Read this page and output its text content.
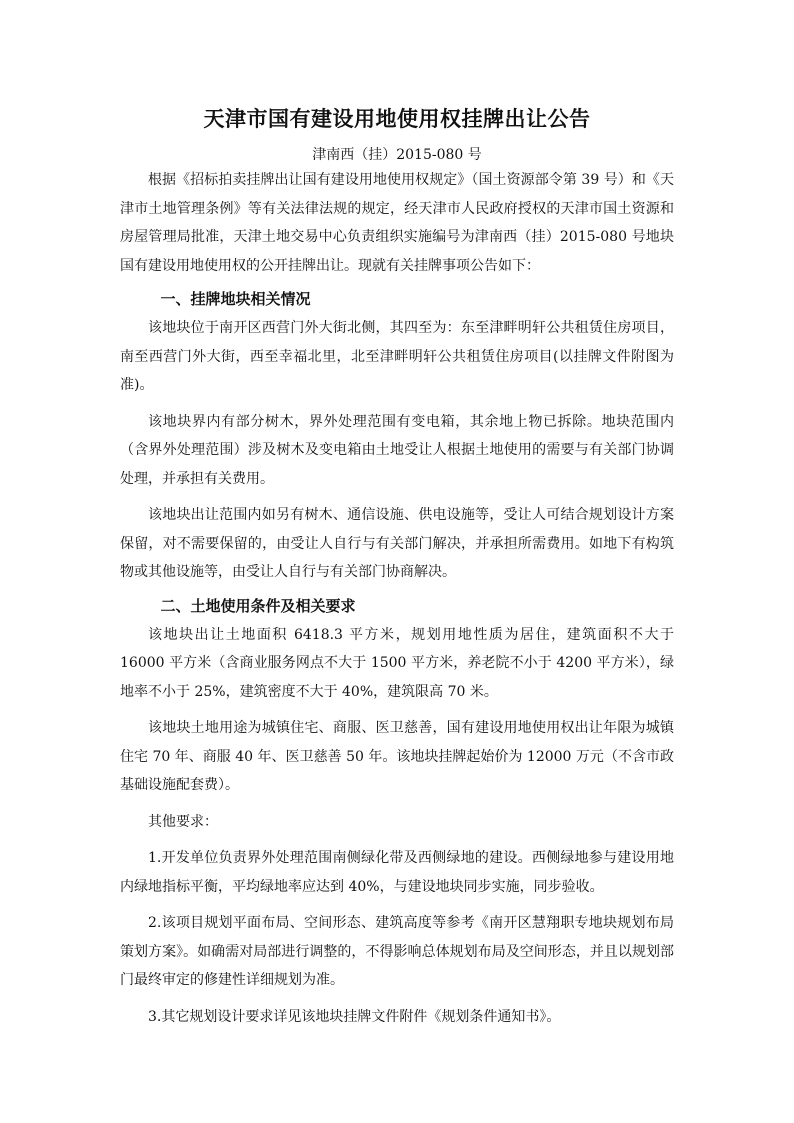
天津市国有建设用地使用权挂牌出让公告

津南西（挂）2015-080 号

根据《招标拍卖挂牌出让国有建设用地使用权规定》（国土资源部令第 39 号）和《天津市土地管理条例》等有关法律法规的规定，经天津市人民政府授权的天津市国土资源和房屋管理局批准，天津土地交易中心负责组织实施编号为津南西（挂）2015-080 号地块国有建设用地使用权的公开挂牌出让。现就有关挂牌事项公告如下：

一、挂牌地块相关情况

该地块位于南开区西营门外大街北侧，其四至为：东至津畔明轩公共租赁住房项目，南至西营门外大街，西至幸福北里，北至津畔明轩公共租赁住房项目(以挂牌文件附图为准)。

该地块界内有部分树木，界外处理范围有变电箱，其余地上物已拆除。地块范围内（含界外处理范围）涉及树木及变电箱由土地受让人根据土地使用的需要与有关部门协调处理，并承担有关费用。

该地块出让范围内如另有树木、通信设施、供电设施等，受让人可结合规划设计方案保留，对不需要保留的，由受让人自行与有关部门解决，并承担所需费用。如地下有构筑物或其他设施等，由受让人自行与有关部门协商解决。

二、土地使用条件及相关要求

该地块出让土地面积 6418.3 平方米，规划用地性质为居住，建筑面积不大于 16000 平方米（含商业服务网点不大于 1500 平方米，养老院不小于 4200 平方米），绿地率不小于 25%，建筑密度不大于 40%，建筑限高 70 米。

该地块土地用途为城镇住宅、商服、医卫慈善，国有建设用地使用权出让年限为城镇住宅 70 年、商服 40 年、医卫慈善 50 年。该地块挂牌起始价为 12000 万元（不含市政基础设施配套费）。

其他要求：

1.开发单位负责界外处理范围南侧绿化带及西侧绿地的建设。西侧绿地参与建设用地内绿地指标平衡，平均绿地率应达到 40%，与建设地块同步实施，同步验收。

2.该项目规划平面布局、空间形态、建筑高度等参考《南开区慧翔职专地块规划布局策划方案》。如确需对局部进行调整的，不得影响总体规划布局及空间形态，并且以规划部门最终审定的修建性详细规划为准。

3.其它规划设计要求详见该地块挂牌文件附件《规划条件通知书》。
